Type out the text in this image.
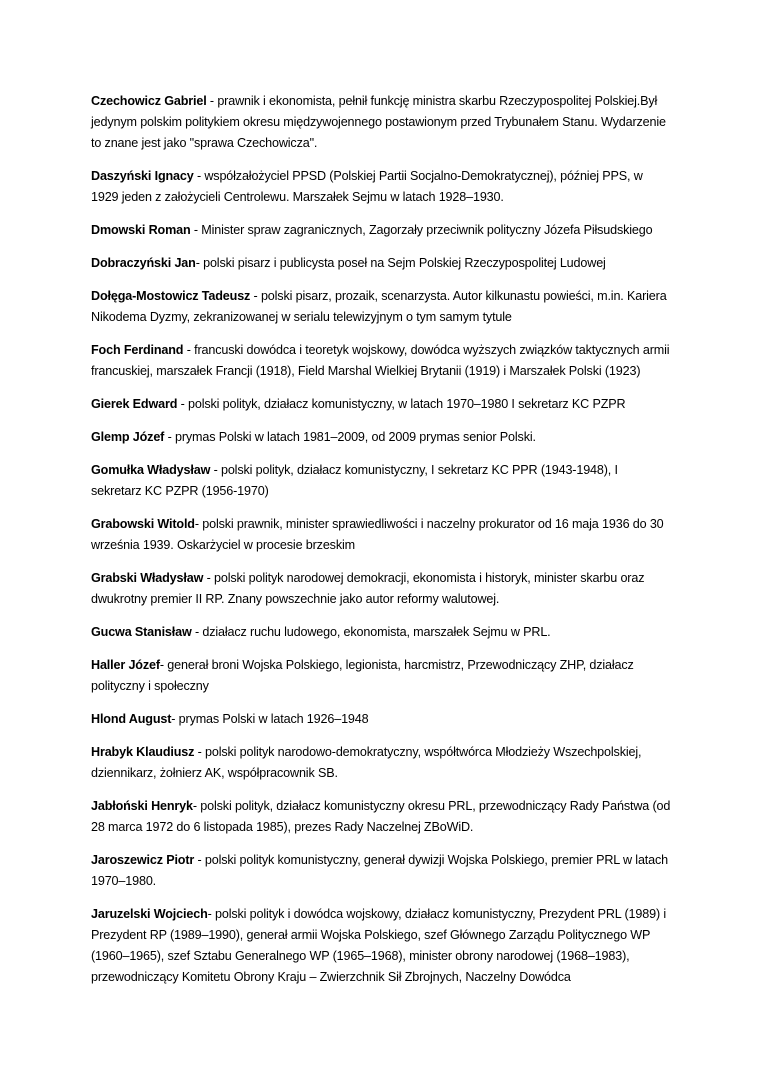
Czechowicz Gabriel - prawnik i ekonomista, pełnił funkcję ministra skarbu Rzeczypospolitej Polskiej.Był jedynym polskim politykiem okresu międzywojennego postawionym przed Trybunałem Stanu. Wydarzenie to znane jest jako "sprawa Czechowicza".

Daszyński Ignacy - współzałożyciel PPSD (Polskiej Partii Socjalno-Demokratycznej), później PPS, w 1929 jeden z założycieli Centrolewu. Marszałek Sejmu w latach 1928–1930.

Dmowski Roman - Minister spraw zagranicznych, Zagorzały przeciwnik polityczny Józefa Piłsudskiego

Dobraczyński Jan- polski pisarz i publicysta poseł na Sejm Polskiej Rzeczypospolitej Ludowej

Dołęga-Mostowicz Tadeusz - polski pisarz, prozaik, scenarzysta. Autor kilkunastu powieści, m.in. Kariera Nikodema Dyzmy, zekranizowanej w serialu telewizyjnym o tym samym tytule

Foch Ferdinand - francuski dowódca i teoretyk wojskowy, dowódca wyższych związków taktycznych armii francuskiej, marszałek Francji (1918), Field Marshal Wielkiej Brytanii (1919) i Marszałek Polski (1923)

Gierek Edward - polski polityk, działacz komunistyczny, w latach 1970–1980 I sekretarz KC PZPR

Glemp Józef - prymas Polski w latach 1981–2009, od 2009 prymas senior Polski.

Gomułka Władysław - polski polityk, działacz komunistyczny, I sekretarz KC PPR (1943-1948), I sekretarz KC PZPR (1956-1970)

Grabowski Witold- polski prawnik, minister sprawiedliwości i naczelny prokurator od 16 maja 1936 do 30 września 1939. Oskarżyciel w procesie brzeskim

Grabski Władysław - polski polityk narodowej demokracji, ekonomista i historyk, minister skarbu oraz dwukrotny premier II RP. Znany powszechnie jako autor reformy walutowej.

Gucwa Stanisław - działacz ruchu ludowego, ekonomista, marszałek Sejmu w PRL.

Haller Józef- generał broni Wojska Polskiego, legionista, harcmistrz, Przewodniczący ZHP, działacz polityczny i społeczny

Hlond August- prymas Polski w latach 1926–1948

Hrabyk Klaudiusz - polski polityk narodowo-demokratyczny, współtwórca Młodzieży Wszechpolskiej, dziennikarz, żołnierz AK, współpracownik SB.

Jabłoński Henryk- polski polityk, działacz komunistyczny okresu PRL, przewodniczący Rady Państwa (od 28 marca 1972 do 6 listopada 1985), prezes Rady Naczelnej ZBoWiD.

Jaroszewicz Piotr - polski polityk komunistyczny, generał dywizji Wojska Polskiego, premier PRL w latach 1970–1980.

Jaruzelski Wojciech- polski polityk i dowódca wojskowy, działacz komunistyczny, Prezydent PRL (1989) i Prezydent RP (1989–1990), generał armii Wojska Polskiego, szef Głównego Zarządu Politycznego WP (1960–1965), szef Sztabu Generalnego WP (1965–1968), minister obrony narodowej (1968–1983), przewodniczący Komitetu Obrony Kraju – Zwierzchnik Sił Zbrojnych, Naczelny Dowódca
